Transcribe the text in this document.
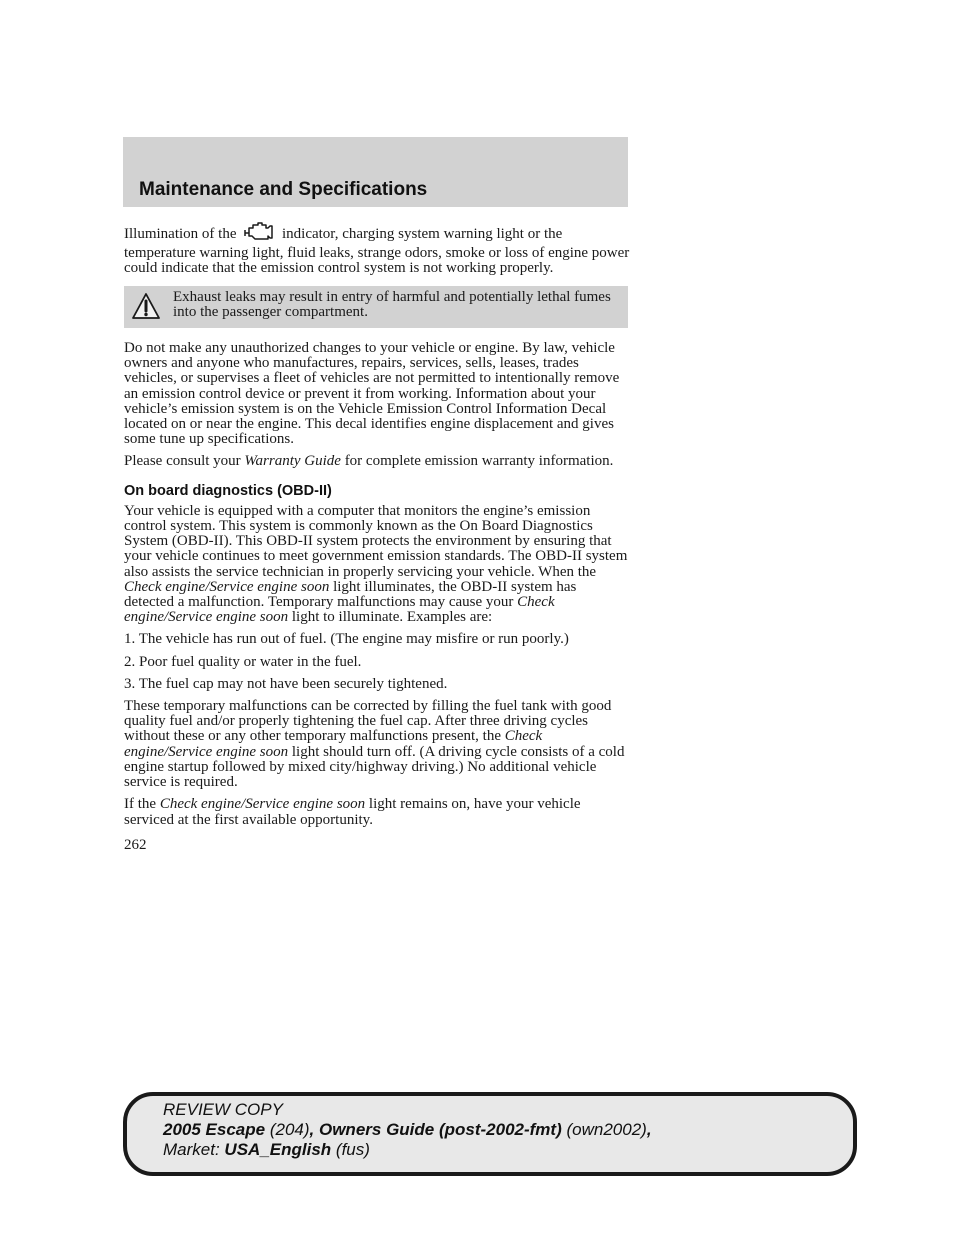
Maintenance and Specifications

Illumination of the	indicator, charging system warning light or the temperature warning light, fluid leaks, strange odors, smoke or loss of engine power could indicate that the emission control system is not working properly.

Exhaust leaks may result in entry of harmful and potentially lethal fumes into the passenger compartment.

Do not make any unauthorized changes to your vehicle or engine. By law, vehicle owners and anyone who manufactures, repairs, services, sells, leases, trades vehicles, or supervises a fleet of vehicles are not permitted to intentionally remove an emission control device or prevent it from working. Information about your vehicle’s emission system is on the Vehicle Emission Control Information Decal located on or near the engine. This decal identifies engine displacement and gives some tune up specifications.

Please consult your Warranty Guide for complete emission warranty information.

On board diagnostics (OBD-II)

Your vehicle is equipped with a computer that monitors the engine’s emission control system. This system is commonly known as the On Board Diagnostics System (OBD-II). This OBD-II system protects the environment by ensuring that your vehicle continues to meet government emission standards. The OBD-II system also assists the service technician in properly servicing your vehicle. When the Check engine/Service engine soon light illuminates, the OBD-II system has detected a malfunction. Temporary malfunctions may cause your Check engine/Service engine soon light to illuminate. Examples are:

1. The vehicle has run out of fuel. (The engine may misfire or run poorly.)

2. Poor fuel quality or water in the fuel.

3. The fuel cap may not have been securely tightened.

These temporary malfunctions can be corrected by filling the fuel tank with good quality fuel and/or properly tightening the fuel cap. After three driving cycles without these or any other temporary malfunctions present, the Check engine/Service engine soon light should turn off. (A driving cycle consists of a cold engine startup followed by mixed city/highway driving.) No additional vehicle service is required.

If the Check engine/Service engine soon light remains on, have your vehicle serviced at the first available opportunity.

262

REVIEW COPY
2005 Escape (204), Owners Guide (post-2002-fmt) (own2002),
Market: USA_English (fus)
